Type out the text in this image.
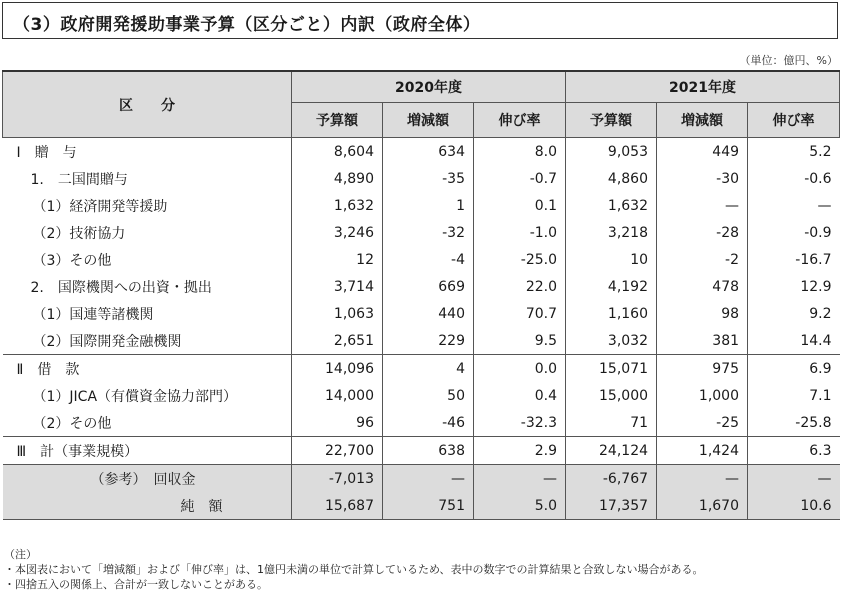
（3）政府開発援助事業予算（区分ごと）内訳（政府全体）
（単位：億円、%）
区　　分	2020年度			2021年度		
	予算額	増減額	伸び率	予算額	増減額	伸び率
Ⅰ　贈　与	8,604	634	8.0	9,053	449	5.2
1.　二国間贈与	4,890	-35	-0.7	4,860	-30	-0.6
（1）経済開発等援助	1,632	1	0.1	1,632	—	—
（2）技術協力	3,246	-32	-1.0	3,218	-28	-0.9
（3）その他	12	-4	-25.0	10	-2	-16.7
2.　国際機関への出資・拠出	3,714	669	22.0	4,192	478	12.9
（1）国連等諸機関	1,063	440	70.7	1,160	98	9.2
（2）国際開発金融機関	2,651	229	9.5	3,032	381	14.4
Ⅱ　借　款	14,096	4	0.0	15,071	975	6.9
（1）JICA（有償資金協力部門）	14,000	50	0.4	15,000	1,000	7.1
（2）その他	96	-46	-32.3	71	-25	-25.8
Ⅲ　計（事業規模）	22,700	638	2.9	24,124	1,424	6.3
（参考）　回収金	-7,013	—	—	-6,767	—	—
純　額	15,687	751	5.0	17,357	1,670	10.6
（注）
・本図表において「増減額」および「伸び率」は、1億円未満の単位で計算しているため、表中の数字での計算結果と合致しない場合がある。
・四捨五入の関係上、合計が一致しないことがある。
